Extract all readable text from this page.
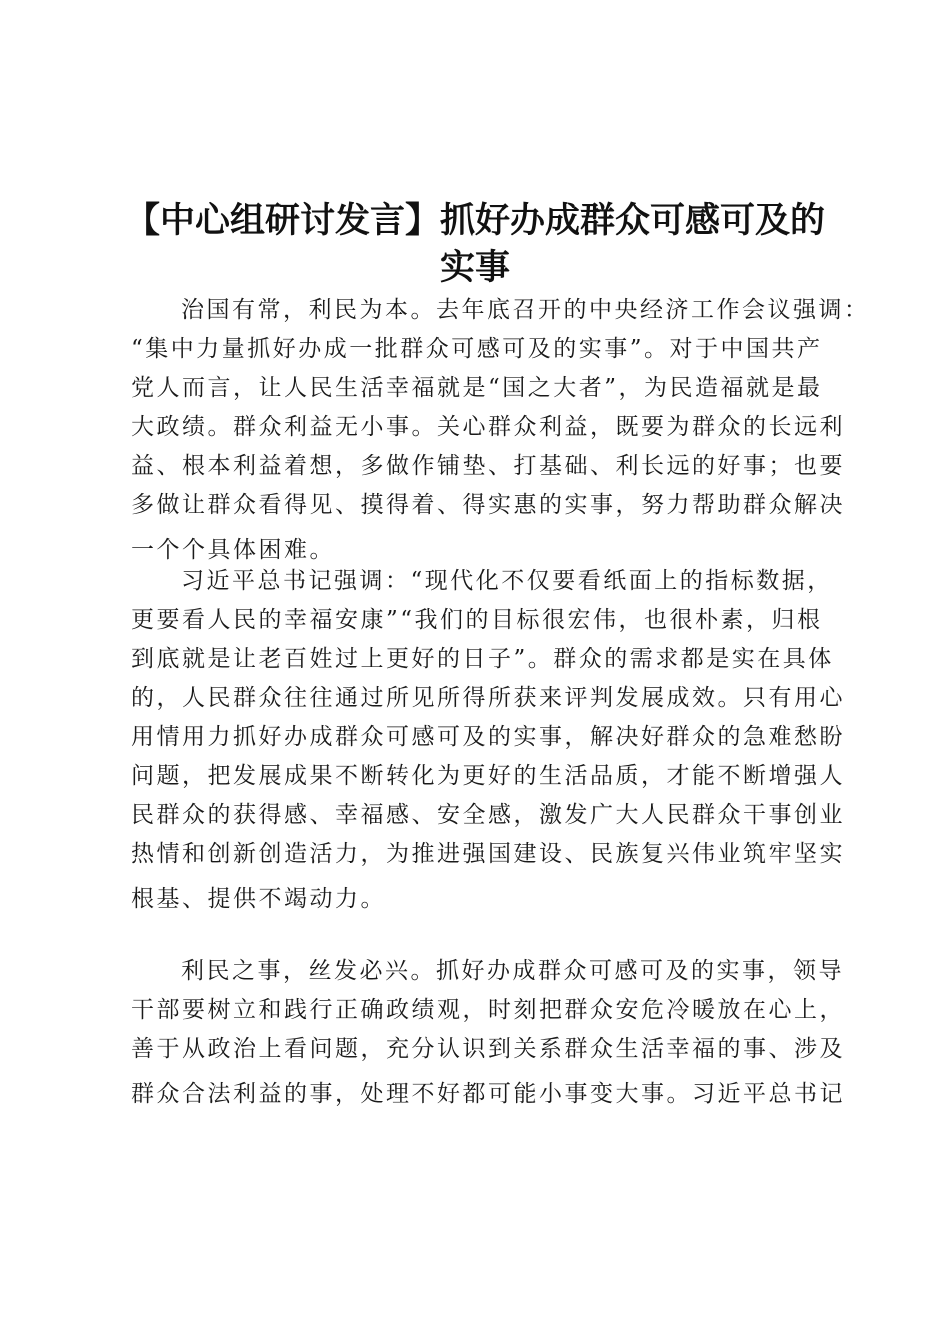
【中心组研讨发言】抓好办成群众可感可及的
实事
治国有常，利民为本。去年底召开的中央经济工作会议强调：
“集中力量抓好办成一批群众可感可及的实事”。对于中国共产
党人而言，让人民生活幸福就是“国之大者”，为民造福就是最
大政绩。群众利益无小事。关心群众利益，既要为群众的长远利
益、根本利益着想，多做作铺垫、打基础、利长远的好事；也要
多做让群众看得见、摸得着、得实惠的实事，努力帮助群众解决
一个个具体困难。
习近平总书记强调：“现代化不仅要看纸面上的指标数据，
更要看人民的幸福安康”“我们的目标很宏伟，也很朴素，归根
到底就是让老百姓过上更好的日子”。群众的需求都是实在具体
的，人民群众往往通过所见所得所获来评判发展成效。只有用心
用情用力抓好办成群众可感可及的实事，解决好群众的急难愁盼
问题，把发展成果不断转化为更好的生活品质，才能不断增强人
民群众的获得感、幸福感、安全感，激发广大人民群众干事创业
热情和创新创造活力，为推进强国建设、民族复兴伟业筑牢坚实
根基、提供不竭动力。
利民之事，丝发必兴。抓好办成群众可感可及的实事，领导
干部要树立和践行正确政绩观，时刻把群众安危冷暖放在心上，
善于从政治上看问题，充分认识到关系群众生活幸福的事、涉及
群众合法利益的事，处理不好都可能小事变大事。习近平总书记
